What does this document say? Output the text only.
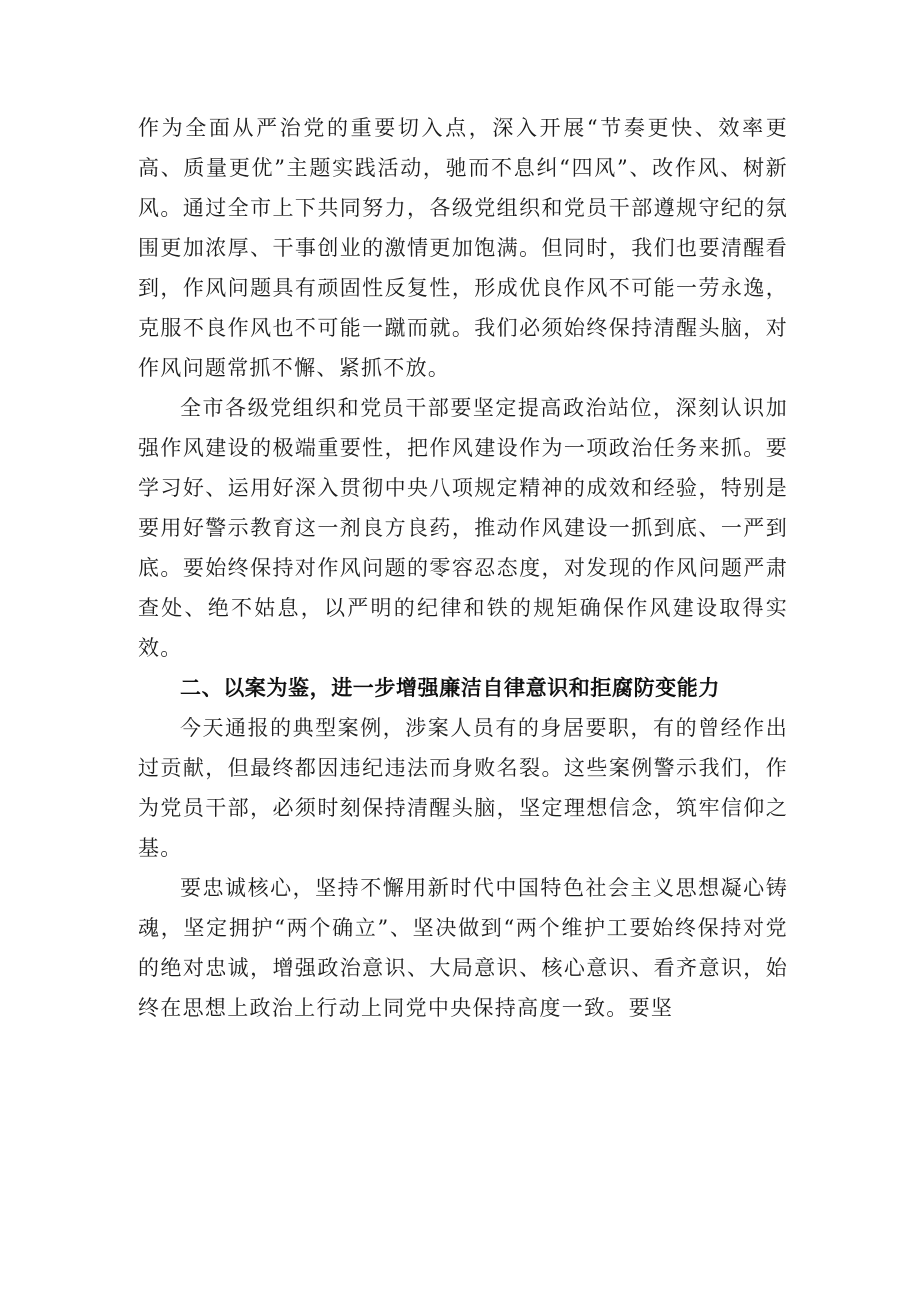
作为全面从严治党的重要切入点，深入开展“节奏更快、效率更高、质量更优”主题实践活动，驰而不息纠“四风”、改作风、树新风。通过全市上下共同努力，各级党组织和党员干部遵规守纪的氛围更加浓厚、干事创业的激情更加饱满。但同时，我们也要清醒看到，作风问题具有顽固性反复性，形成优良作风不可能一劳永逸，克服不良作风也不可能一蹴而就。我们必须始终保持清醒头脑，对作风问题常抓不懈、紧抓不放。

全市各级党组织和党员干部要坚定提高政治站位，深刻认识加强作风建设的极端重要性，把作风建设作为一项政治任务来抓。要学习好、运用好深入贯彻中央八项规定精神的成效和经验，特别是要用好警示教育这一剂良方良药，推动作风建设一抓到底、一严到底。要始终保持对作风问题的零容忍态度，对发现的作风问题严肃查处、绝不姑息，以严明的纪律和铁的规矩确保作风建设取得实效。

二、以案为鉴，进一步增强廉洁自律意识和拒腐防变能力

今天通报的典型案例，涉案人员有的身居要职，有的曾经作出过贡献，但最终都因违纪违法而身败名裂。这些案例警示我们，作为党员干部，必须时刻保持清醒头脑，坚定理想信念，筑牢信仰之基。

要忠诚核心，坚持不懈用新时代中国特色社会主义思想凝心铸魂，坚定拥护“两个确立”、坚决做到“两个维护工要始终保持对党的绝对忠诚，增强政治意识、大局意识、核心意识、看齐意识，始终在思想上政治上行动上同党中央保持高度一致。要坚
